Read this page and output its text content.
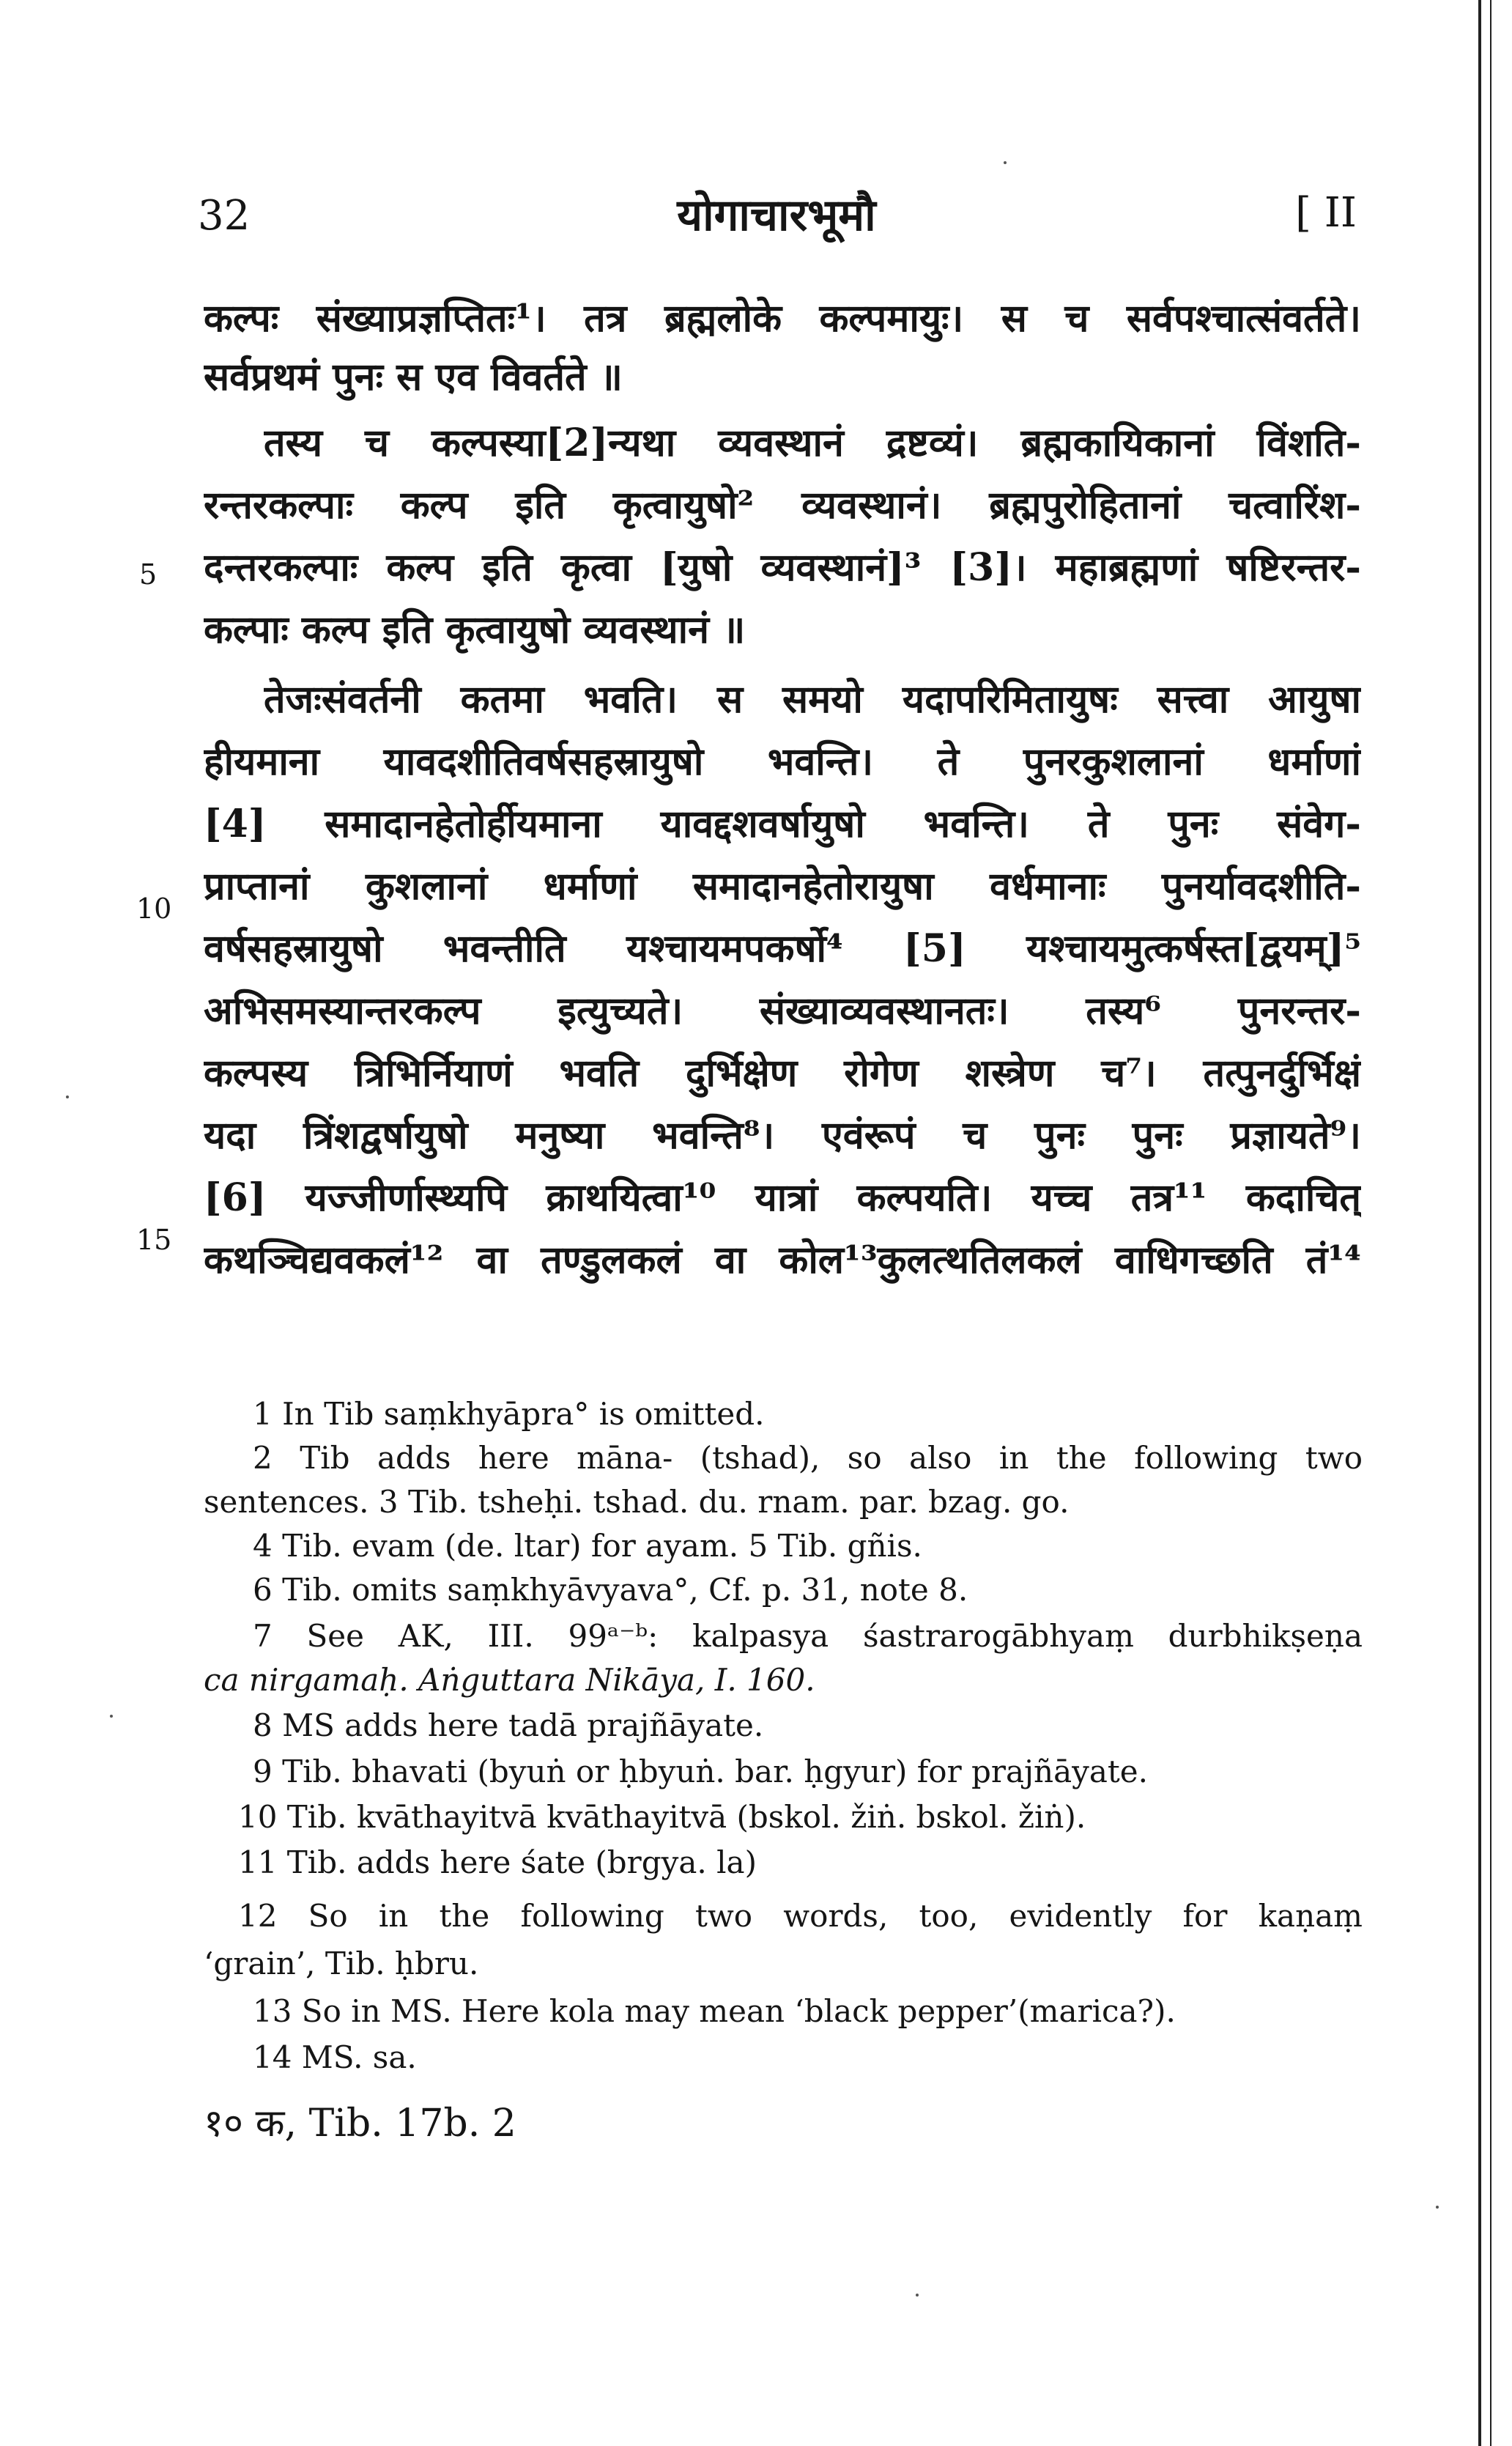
32	योगाचारभूमौ	[ II
कल्पः संख्याप्रज्ञप्तितः¹। तत्र ब्रह्मलोके कल्पमायुः। स च सर्वपश्चात्संवर्तते।
सर्वप्रथमं पुनः स एव विवर्तते ॥
तस्य च कल्पस्या[2]न्यथा व्यवस्थानं द्रष्टव्यं। ब्रह्मकायिकानां विंशति-
रन्तरकल्पाः कल्प इति कृत्वायुषो² व्यवस्थानं। ब्रह्मपुरोहितानां चत्वारिंश-
दन्तरकल्पाः कल्प इति कृत्वा [युषो व्यवस्थानं]³ [3]। महाब्रह्मणां षष्टिरन्तर-
कल्पाः कल्प इति कृत्वायुषो व्यवस्थानं ॥
तेजःसंवर्तनी कतमा भवति। स समयो यदापरिमितायुषः सत्त्वा आयुषा
हीयमाना यावदशीतिवर्षसहस्रायुषो भवन्ति। ते पुनरकुशलानां धर्माणां
[4] समादानहेतोर्हीयमाना यावद्दशवर्षायुषो भवन्ति। ते पुनः संवेग-
प्राप्तानां कुशलानां धर्माणां समादानहेतोरायुषा वर्धमानाः पुनर्यावदशीति-
वर्षसहस्रायुषो भवन्तीति यश्चायमपकर्षो⁴ [5] यश्चायमुत्कर्षस्त[द्वयम्]⁵
अभिसमस्यान्तरकल्प इत्युच्यते। संख्याव्यवस्थानतः। तस्य⁶ पुनरन्तर-
कल्पस्य त्रिभिर्नियाणं भवति दुर्भिक्षेण रोगेण शस्त्रेण च⁷। तत्पुनर्दुर्भिक्षं
यदा त्रिंशद्वर्षायुषो मनुष्या भवन्ति⁸। एवंरूपं च पुनः पुनः प्रज्ञायते⁹।
[6] यज्जीर्णास्थ्यपि क्राथयित्वा¹⁰ यात्रां कल्पयति। यच्च तत्र¹¹ कदाचित्
कथञ्चिद्यवकलं¹² वा तण्डुलकलं वा कोल¹³कुलत्थतिलकलं वाधिगच्छति तं¹⁴
5
10
15
1 In Tib saṃkhyāpra° is omitted.
2 Tib adds here māna- (tshad), so also in the following two
sentences. 3 Tib. tsheḥi. tshad. du. rnam. par. bzag. go.
4 Tib. evam (de. ltar) for ayam. 5 Tib. gñis.
6 Tib. omits saṃkhyāvyava°, Cf. p. 31, note 8.
7 See AK, III. 99ᵃ⁻ᵇ: kalpasya śastrarogābhyaṃ durbhikṣeṇa
ca nirgamaḥ. Aṅguttara Nikāya, I. 160.
8 MS adds here tadā prajñāyate.
9 Tib. bhavati (byuṅ or ḥbyuṅ. bar. ḥgyur) for prajñāyate.
10 Tib. kvāthayitvā kvāthayitvā (bskol. žiṅ. bskol. žiṅ).
11 Tib. adds here śate (brgya. la)
12 So in the following two words, too, evidently for kaṇaṃ
‘grain’, Tib. ḥbru.
13 So in MS. Here kola may mean ‘black pepper’(marica?).
14 MS. sa.
१० क, Tib. 17b. 2
